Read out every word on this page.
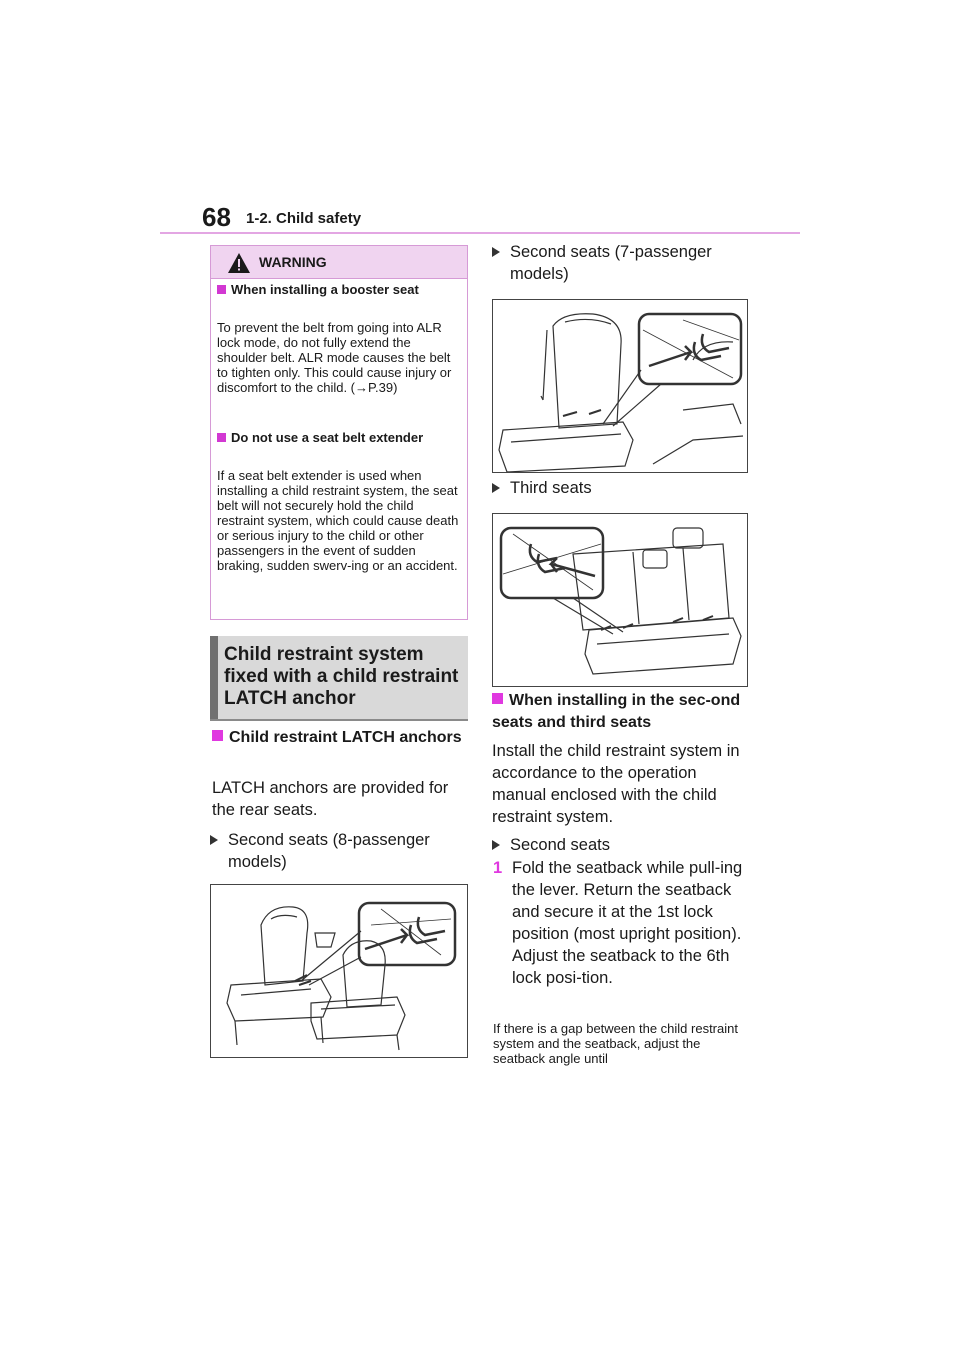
68 1-2. Child safety
WARNING
When installing a booster seat
To prevent the belt from going into ALR lock mode, do not fully extend the shoulder belt. ALR mode causes the belt to tighten only. This could cause injury or discomfort to the child. (→P.39)
Do not use a seat belt extender
If a seat belt extender is used when installing a child restraint system, the seat belt will not securely hold the child restraint system, which could cause death or serious injury to the child or other passengers in the event of sudden braking, sudden swerv-ing or an accident.
Child restraint system fixed with a child restraint LATCH anchor
Child restraint LATCH anchors
LATCH anchors are provided for the rear seats.
Second seats (8-passenger models)
Second seats (7-passenger models)
Third seats
When installing in the sec-ond seats and third seats
Install the child restraint system in accordance to the operation manual enclosed with the child restraint system.
Second seats
1 Fold the seatback while pull-ing the lever. Return the seatback and secure it at the 1st lock position (most upright position). Adjust the seatback to the 6th lock posi-tion.
If there is a gap between the child restraint system and the seatback, adjust the seatback angle until
